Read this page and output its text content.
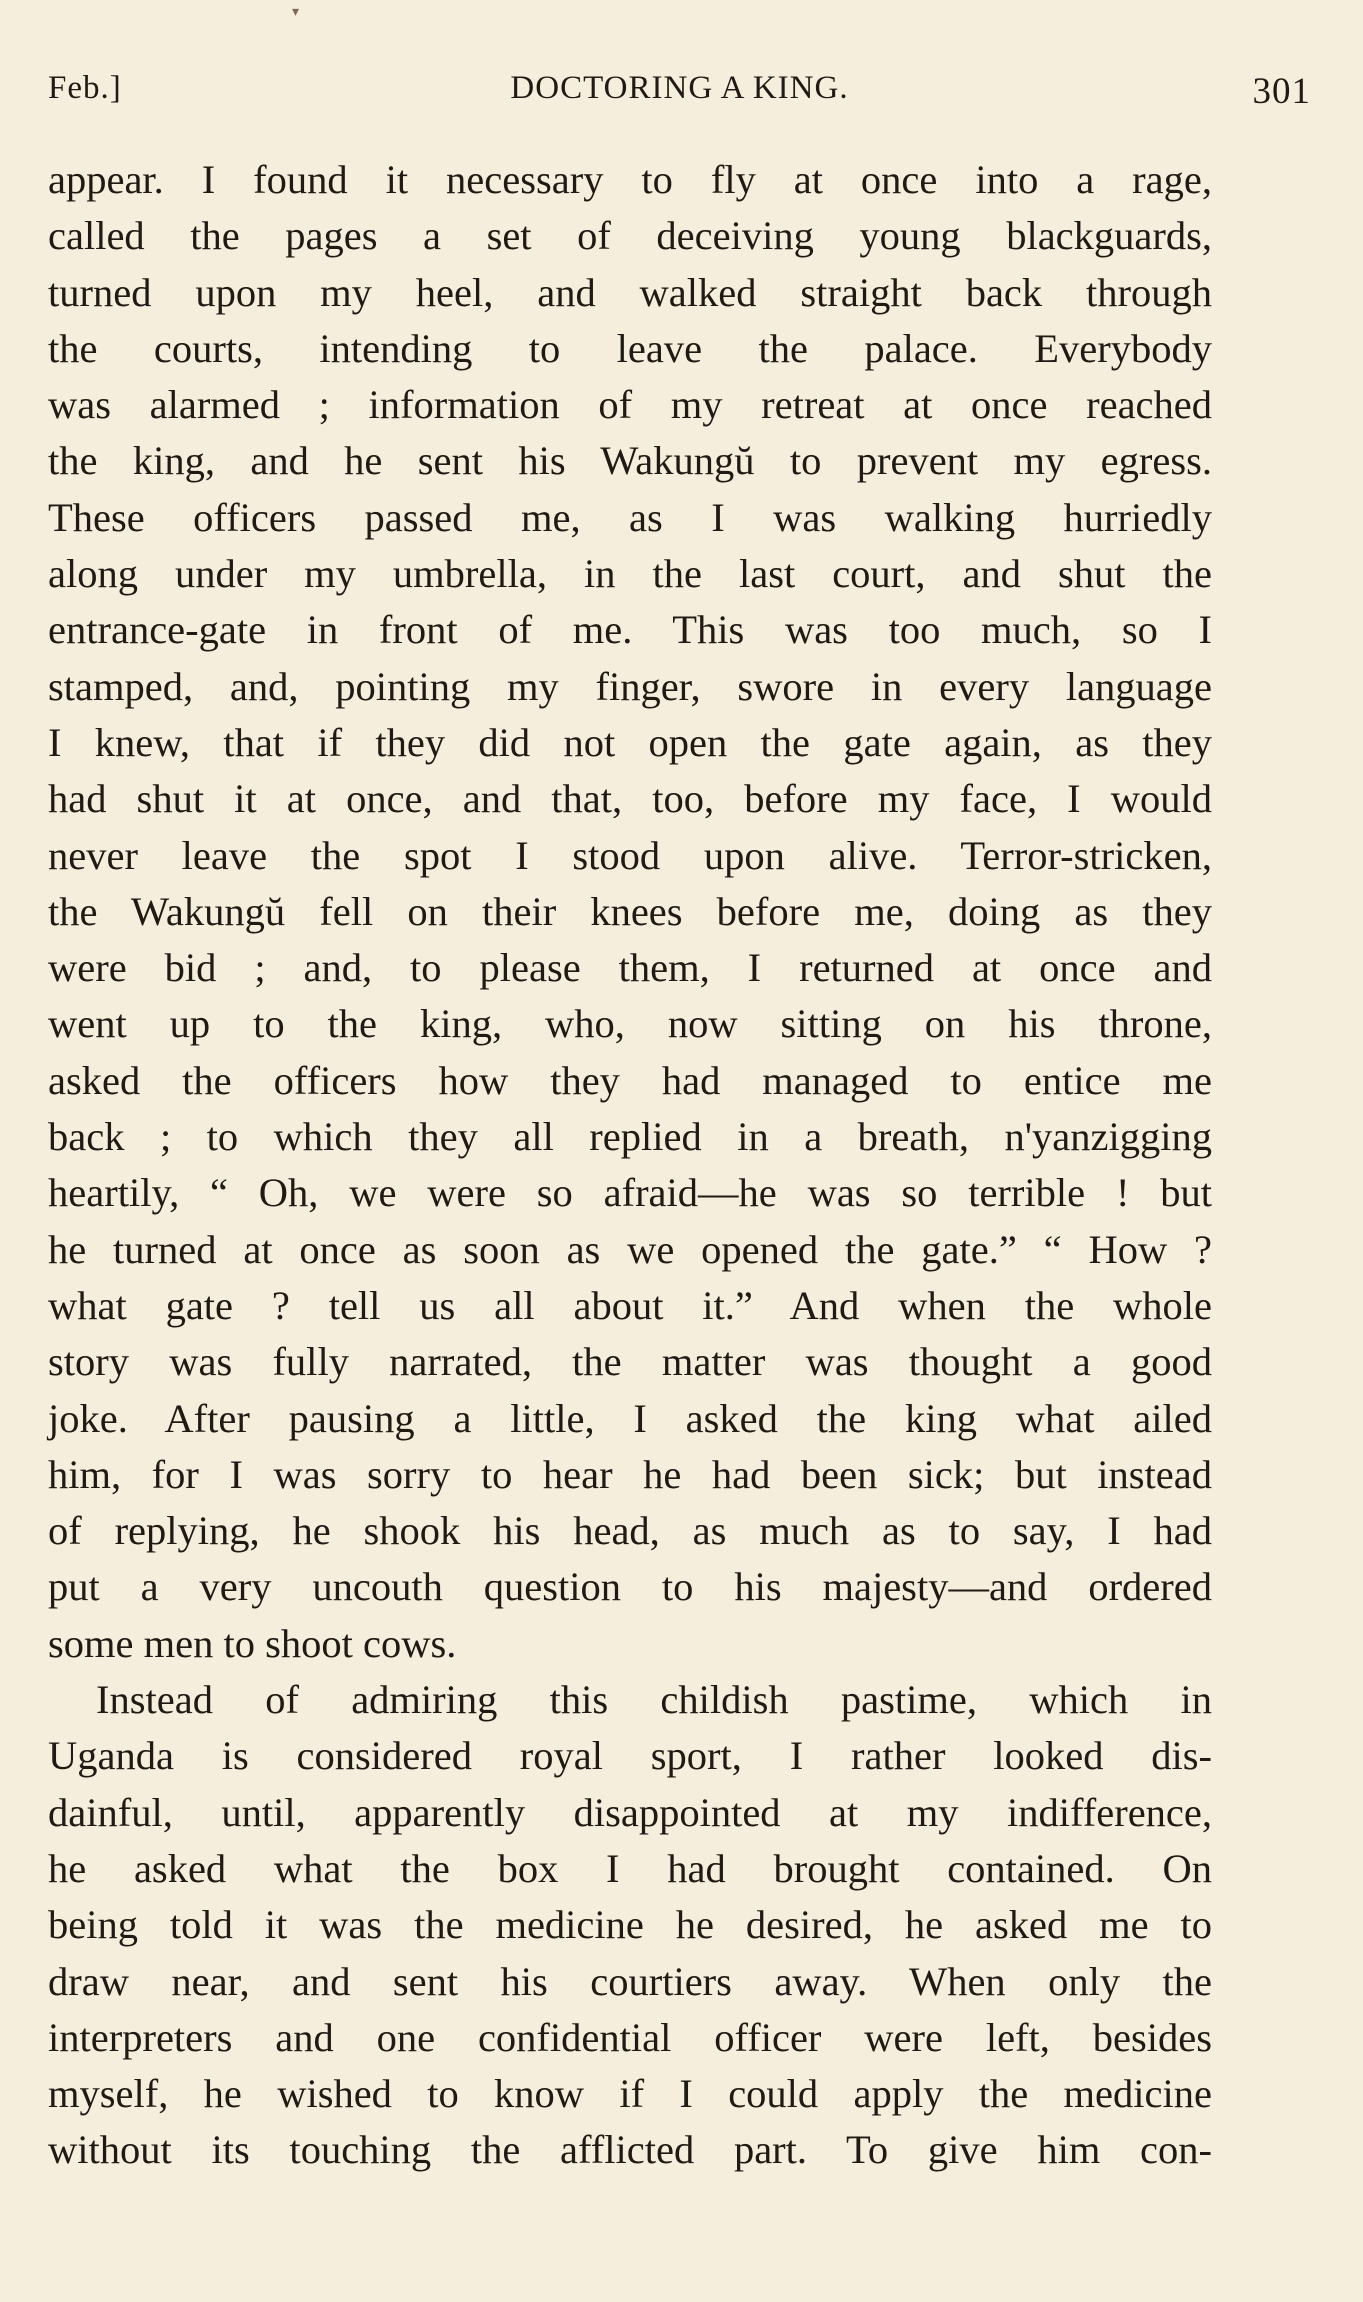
▾
Feb.]	DOCTORING A KING.	301
appear. I found it necessary to fly at once into a rage,
called the pages a set of deceiving young blackguards,
turned upon my heel, and walked straight back through
the courts, intending to leave the palace. Everybody
was alarmed ; information of my retreat at once reached
the king, and he sent his Wakungŭ to prevent my egress.
These officers passed me, as I was walking hurriedly
along under my umbrella, in the last court, and shut the
entrance-gate in front of me. This was too much, so I
stamped, and, pointing my finger, swore in every language
I knew, that if they did not open the gate again, as they
had shut it at once, and that, too, before my face, I would
never leave the spot I stood upon alive. Terror-stricken,
the Wakungŭ fell on their knees before me, doing as they
were bid ; and, to please them, I returned at once and
went up to the king, who, now sitting on his throne,
asked the officers how they had managed to entice me
back ; to which they all replied in a breath, n'yanzigging
heartily, “ Oh, we were so afraid—he was so terrible ! but
he turned at once as soon as we opened the gate.” “ How ?
what gate ? tell us all about it.” And when the whole
story was fully narrated, the matter was thought a good
joke. After pausing a little, I asked the king what ailed
him, for I was sorry to hear he had been sick; but instead
of replying, he shook his head, as much as to say, I had
put a very uncouth question to his majesty—and ordered
some men to shoot cows.
Instead of admiring this childish pastime, which in
Uganda is considered royal sport, I rather looked dis-
dainful, until, apparently disappointed at my indifference,
he asked what the box I had brought contained. On
being told it was the medicine he desired, he asked me to
draw near, and sent his courtiers away. When only the
interpreters and one confidential officer were left, besides
myself, he wished to know if I could apply the medicine
without its touching the afflicted part. To give him con-
